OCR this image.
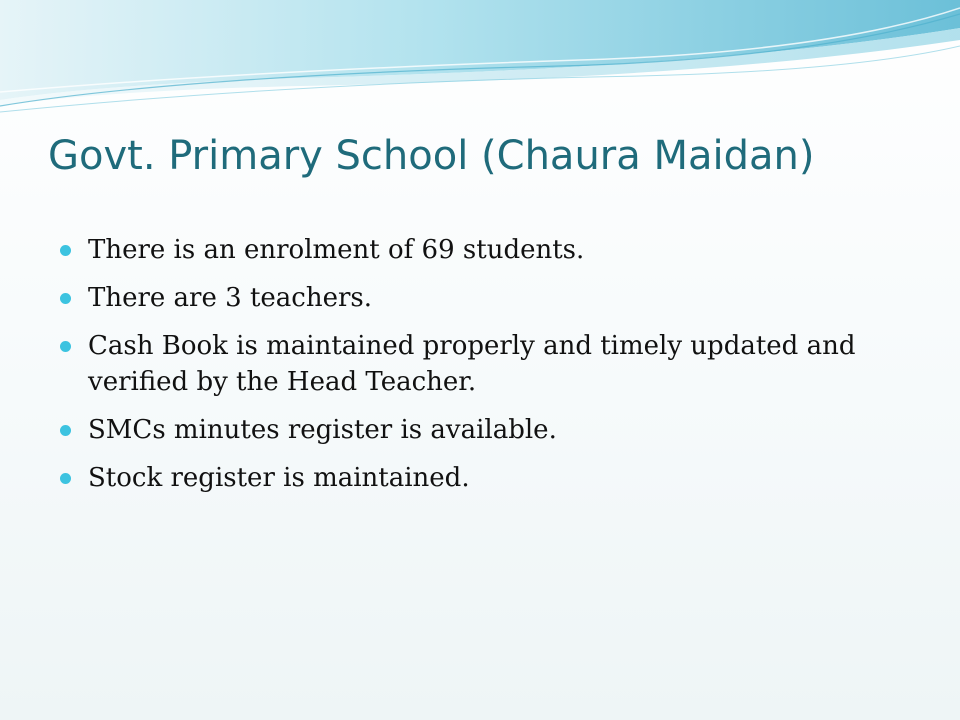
Govt. Primary School (Chaura Maidan)
There is an enrolment of 69 students.
There are 3 teachers.
Cash Book is maintained properly and timely updated and verified by the Head Teacher.
SMCs minutes register is available.
Stock register is maintained.
